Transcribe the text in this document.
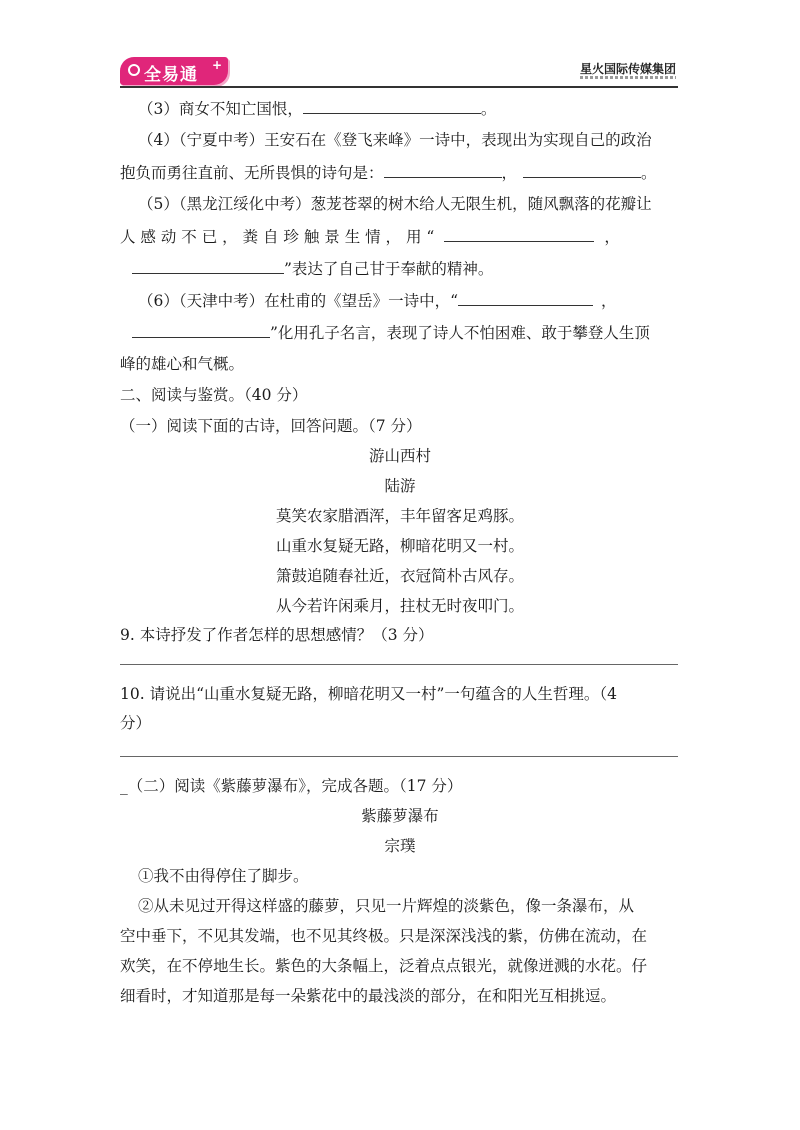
全易通 +	星火国际传媒集团
（3）商女不知亡国恨，	。
（4）（宁夏中考）王安石在《登飞来峰》一诗中，表现出为实现自己的政治
抱负而勇往直前、无所畏惧的诗句是：	，	。
（5）（黑龙江绥化中考）葱茏苍翠的树木给人无限生机，随风飘落的花瓣让
人 感 动 不 已 ， 粪 自 珍 触 景 生 情 ， 用 “	，
”表达了自己甘于奉献的精神。
（6）（天津中考）在杜甫的《望岳》一诗中，“	，
”化用孔子名言，表现了诗人不怕困难、敢于攀登人生顶
峰的雄心和气概。
二、阅读与鉴赏。（40 分）
（一）阅读下面的古诗，回答问题。（7 分）
游山西村
陆游
莫笑农家腊酒浑，丰年留客足鸡豚。
山重水复疑无路，柳暗花明又一村。
箫鼓追随春社近，衣冠简朴古风存。
从今若许闲乘月，拄杖无时夜叩门。
9. 本诗抒发了作者怎样的思想感情？（3 分）
10. 请说出“山重水复疑无路，柳暗花明又一村”一句蕴含的人生哲理。（4
分）
_（二）阅读《紫藤萝瀑布》，完成各题。（17 分）
紫藤萝瀑布
宗璞
①我不由得停住了脚步。
②从未见过开得这样盛的藤萝，只见一片辉煌的淡紫色，像一条瀑布，从
空中垂下，不见其发端，也不见其终极。只是深深浅浅的紫，仿佛在流动，在
欢笑，在不停地生长。紫色的大条幅上，泛着点点银光，就像迸溅的水花。仔
细看时，才知道那是每一朵紫花中的最浅淡的部分，在和阳光互相挑逗。
